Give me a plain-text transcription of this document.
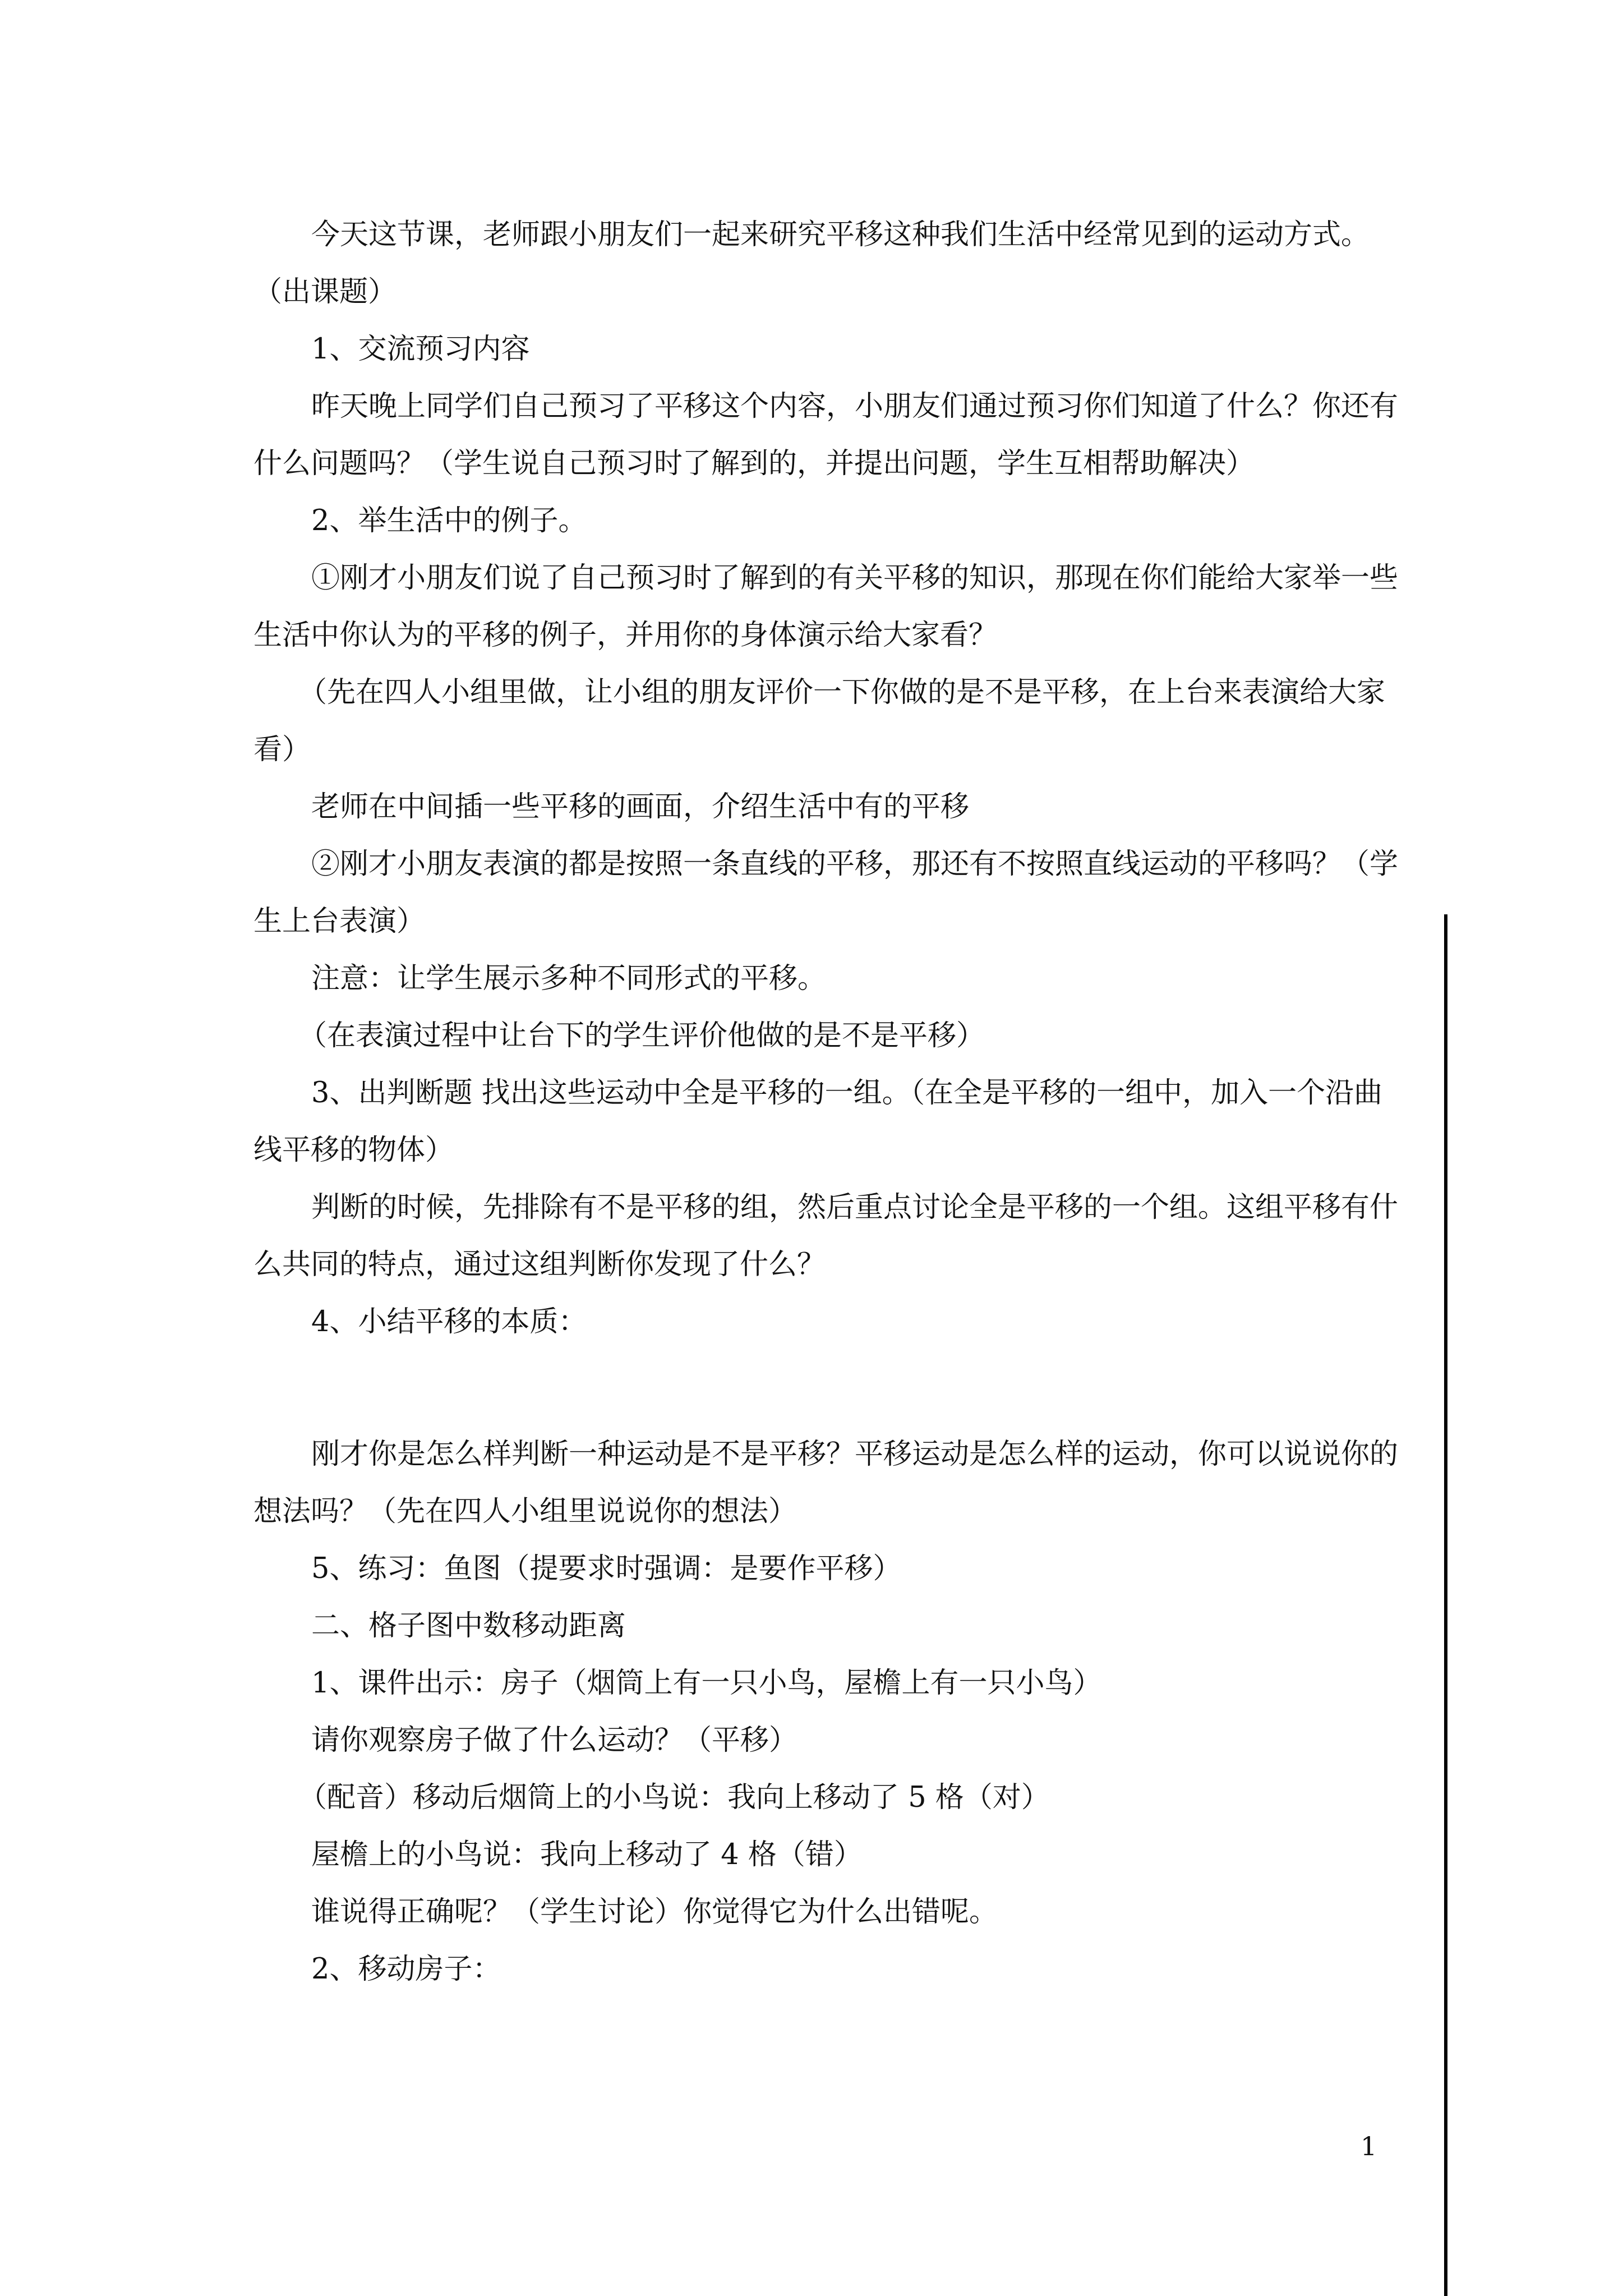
今天这节课，老师跟小朋友们一起来研究平移这种我们生活中经常见到的运动方式。

（出课题）

1、交流预习内容

昨天晚上同学们自己预习了平移这个内容，小朋友们通过预习你们知道了什么？你还有

什么问题吗？（学生说自己预习时了解到的，并提出问题，学生互相帮助解决）

2、举生活中的例子。

①刚才小朋友们说了自己预习时了解到的有关平移的知识，那现在你们能给大家举一些

生活中你认为的平移的例子，并用你的身体演示给大家看？

（先在四人小组里做，让小组的朋友评价一下你做的是不是平移，在上台来表演给大家

看）

老师在中间插一些平移的画面，介绍生活中有的平移

②刚才小朋友表演的都是按照一条直线的平移，那还有不按照直线运动的平移吗？（学

生上台表演）

注意：让学生展示多种不同形式的平移。

（在表演过程中让台下的学生评价他做的是不是平移）

3、出判断题 找出这些运动中全是平移的一组。（在全是平移的一组中，加入一个沿曲

线平移的物体）

判断的时候，先排除有不是平移的组，然后重点讨论全是平移的一个组。这组平移有什

么共同的特点，通过这组判断你发现了什么？

4、小结平移的本质：

刚才你是怎么样判断一种运动是不是平移？平移运动是怎么样的运动，你可以说说你的

想法吗？（先在四人小组里说说你的想法）

5、练习：鱼图（提要求时强调：是要作平移）

二、格子图中数移动距离

1、课件出示：房子（烟筒上有一只小鸟，屋檐上有一只小鸟）

请你观察房子做了什么运动？（平移）

（配音）移动后烟筒上的小鸟说：我向上移动了 5 格（对）

屋檐上的小鸟说：我向上移动了 4 格（错）

谁说得正确呢？（学生讨论）你觉得它为什么出错呢。

2、移动房子：

1
